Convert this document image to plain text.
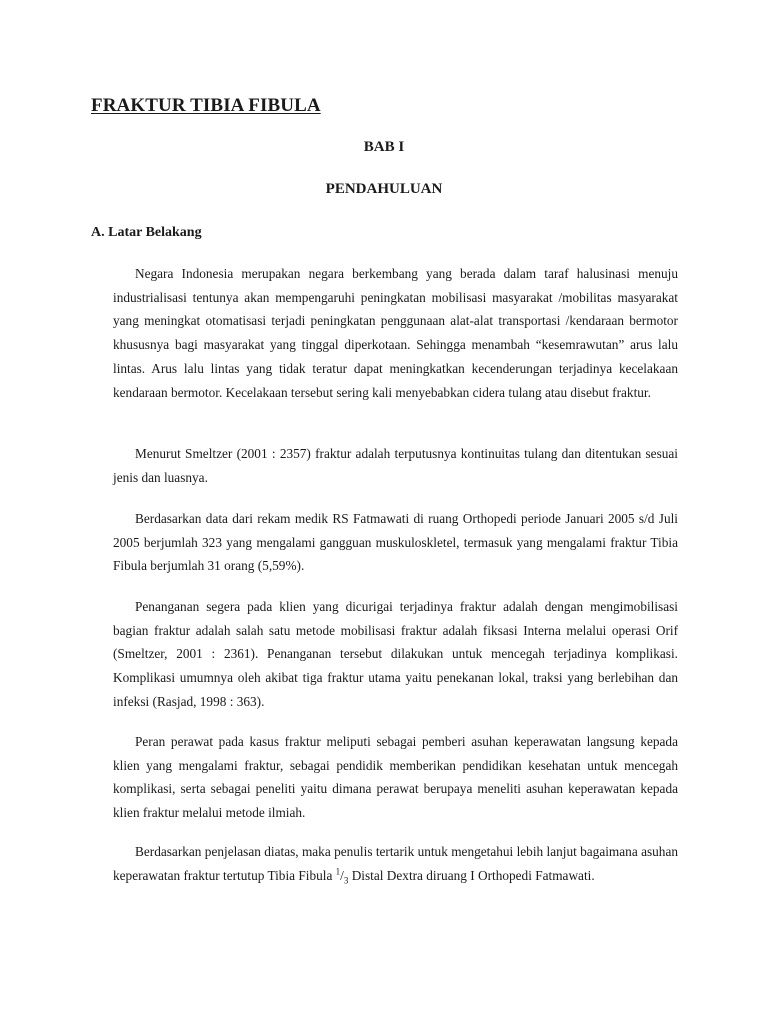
FRAKTUR TIBIA FIBULA

BAB I

PENDAHULUAN

A. Latar Belakang

Negara Indonesia merupakan negara berkembang yang berada dalam taraf halusinasi menuju industrialisasi tentunya akan mempengaruhi peningkatan mobilisasi masyarakat /mobilitas masyarakat yang meningkat otomatisasi terjadi peningkatan penggunaan alat-alat transportasi /kendaraan bermotor khususnya bagi masyarakat yang tinggal diperkotaan. Sehingga menambah “kesemrawutan” arus lalu lintas. Arus lalu lintas yang tidak teratur dapat meningkatkan kecenderungan terjadinya kecelakaan kendaraan bermotor. Kecelakaan tersebut sering kali menyebabkan cidera tulang atau disebut fraktur.

Menurut Smeltzer (2001 : 2357) fraktur adalah terputusnya kontinuitas tulang dan ditentukan sesuai jenis dan luasnya.

Berdasarkan data dari rekam medik RS Fatmawati di ruang Orthopedi periode Januari 2005 s/d Juli 2005 berjumlah 323 yang mengalami gangguan muskuloskletel, termasuk yang mengalami fraktur Tibia Fibula berjumlah 31 orang (5,59%).

Penanganan segera pada klien yang dicurigai terjadinya fraktur adalah dengan mengimobilisasi bagian fraktur adalah salah satu metode mobilisasi fraktur adalah fiksasi Interna melalui operasi Orif (Smeltzer, 2001 : 2361). Penanganan tersebut dilakukan untuk mencegah terjadinya komplikasi. Komplikasi umumnya oleh akibat tiga fraktur utama yaitu penekanan lokal, traksi yang berlebihan dan infeksi (Rasjad, 1998 : 363).

Peran perawat pada kasus fraktur meliputi sebagai pemberi asuhan keperawatan langsung kepada klien yang mengalami fraktur, sebagai pendidik memberikan pendidikan kesehatan untuk mencegah komplikasi, serta sebagai peneliti yaitu dimana perawat berupaya meneliti asuhan keperawatan kepada klien fraktur melalui metode ilmiah.

Berdasarkan penjelasan diatas, maka penulis tertarik untuk mengetahui lebih lanjut bagaimana asuhan keperawatan fraktur tertutup Tibia Fibula $^1/_3$ Distal Dextra diruang I Orthopedi Fatmawati.
